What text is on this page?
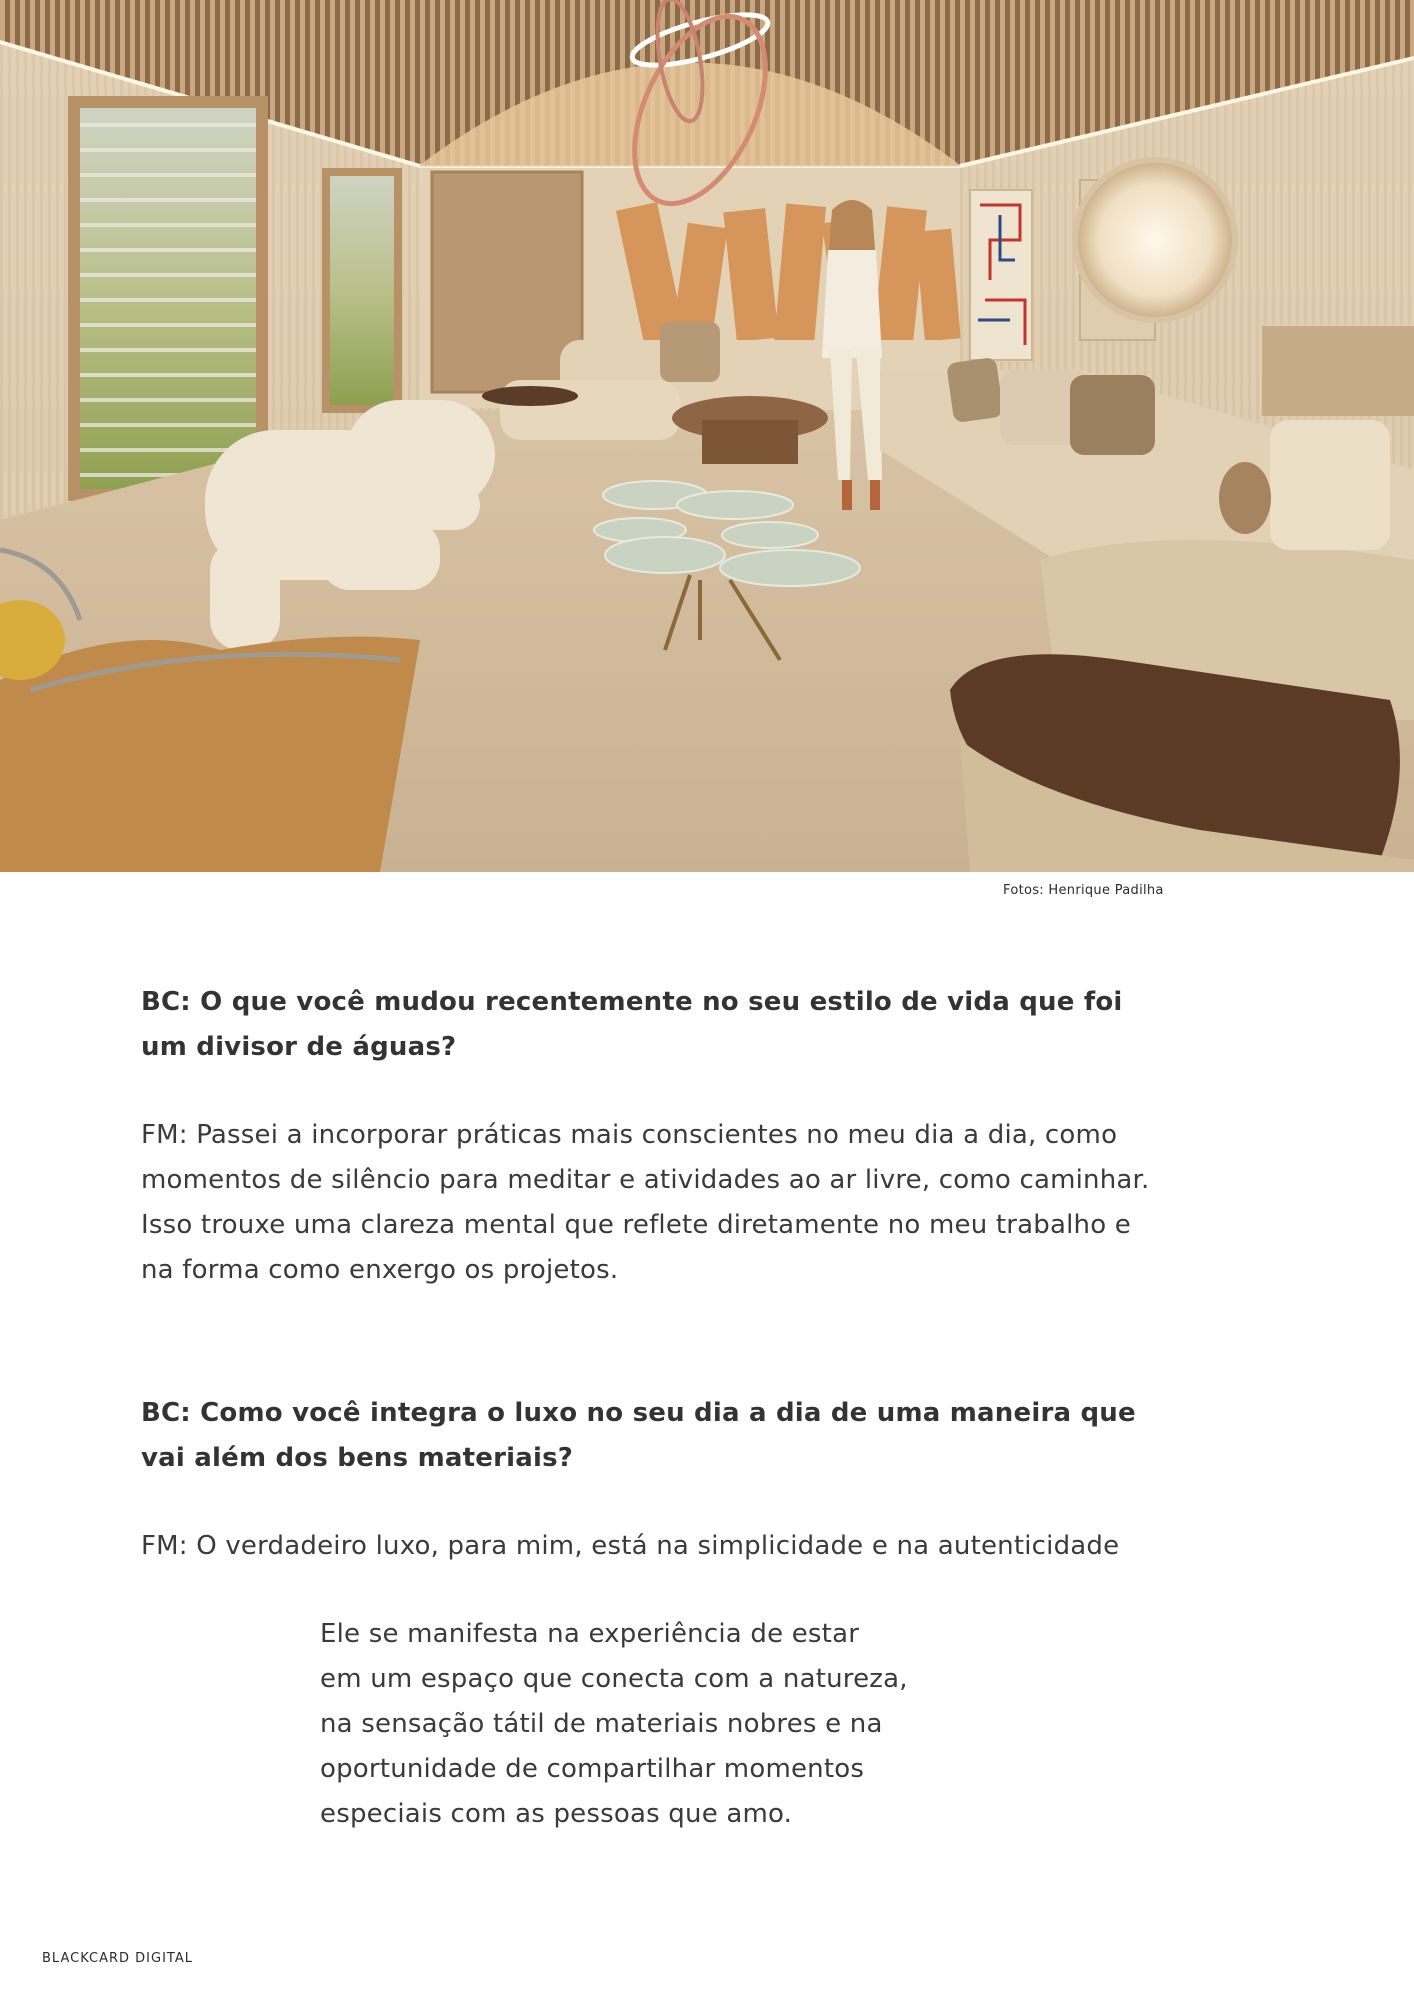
Fotos: Henrique Padilha

BC: O que você mudou recentemente no seu estilo de vida que foi um divisor de águas?

FM: Passei a incorporar práticas mais conscientes no meu dia a dia, como momentos de silêncio para meditar e atividades ao ar livre, como caminhar. Isso trouxe uma clareza mental que reflete diretamente no meu trabalho e na forma como enxergo os projetos.

BC: Como você integra o luxo no seu dia a dia de uma maneira que vai além dos bens materiais?

FM: O verdadeiro luxo, para mim, está na simplicidade e na autenticidade

Ele se manifesta na experiência de estar
em um espaço que conecta com a natureza,
na sensação tátil de materiais nobres e na
oportunidade de compartilhar momentos
especiais com as pessoas que amo.
BLACKCARD DIGITAL
